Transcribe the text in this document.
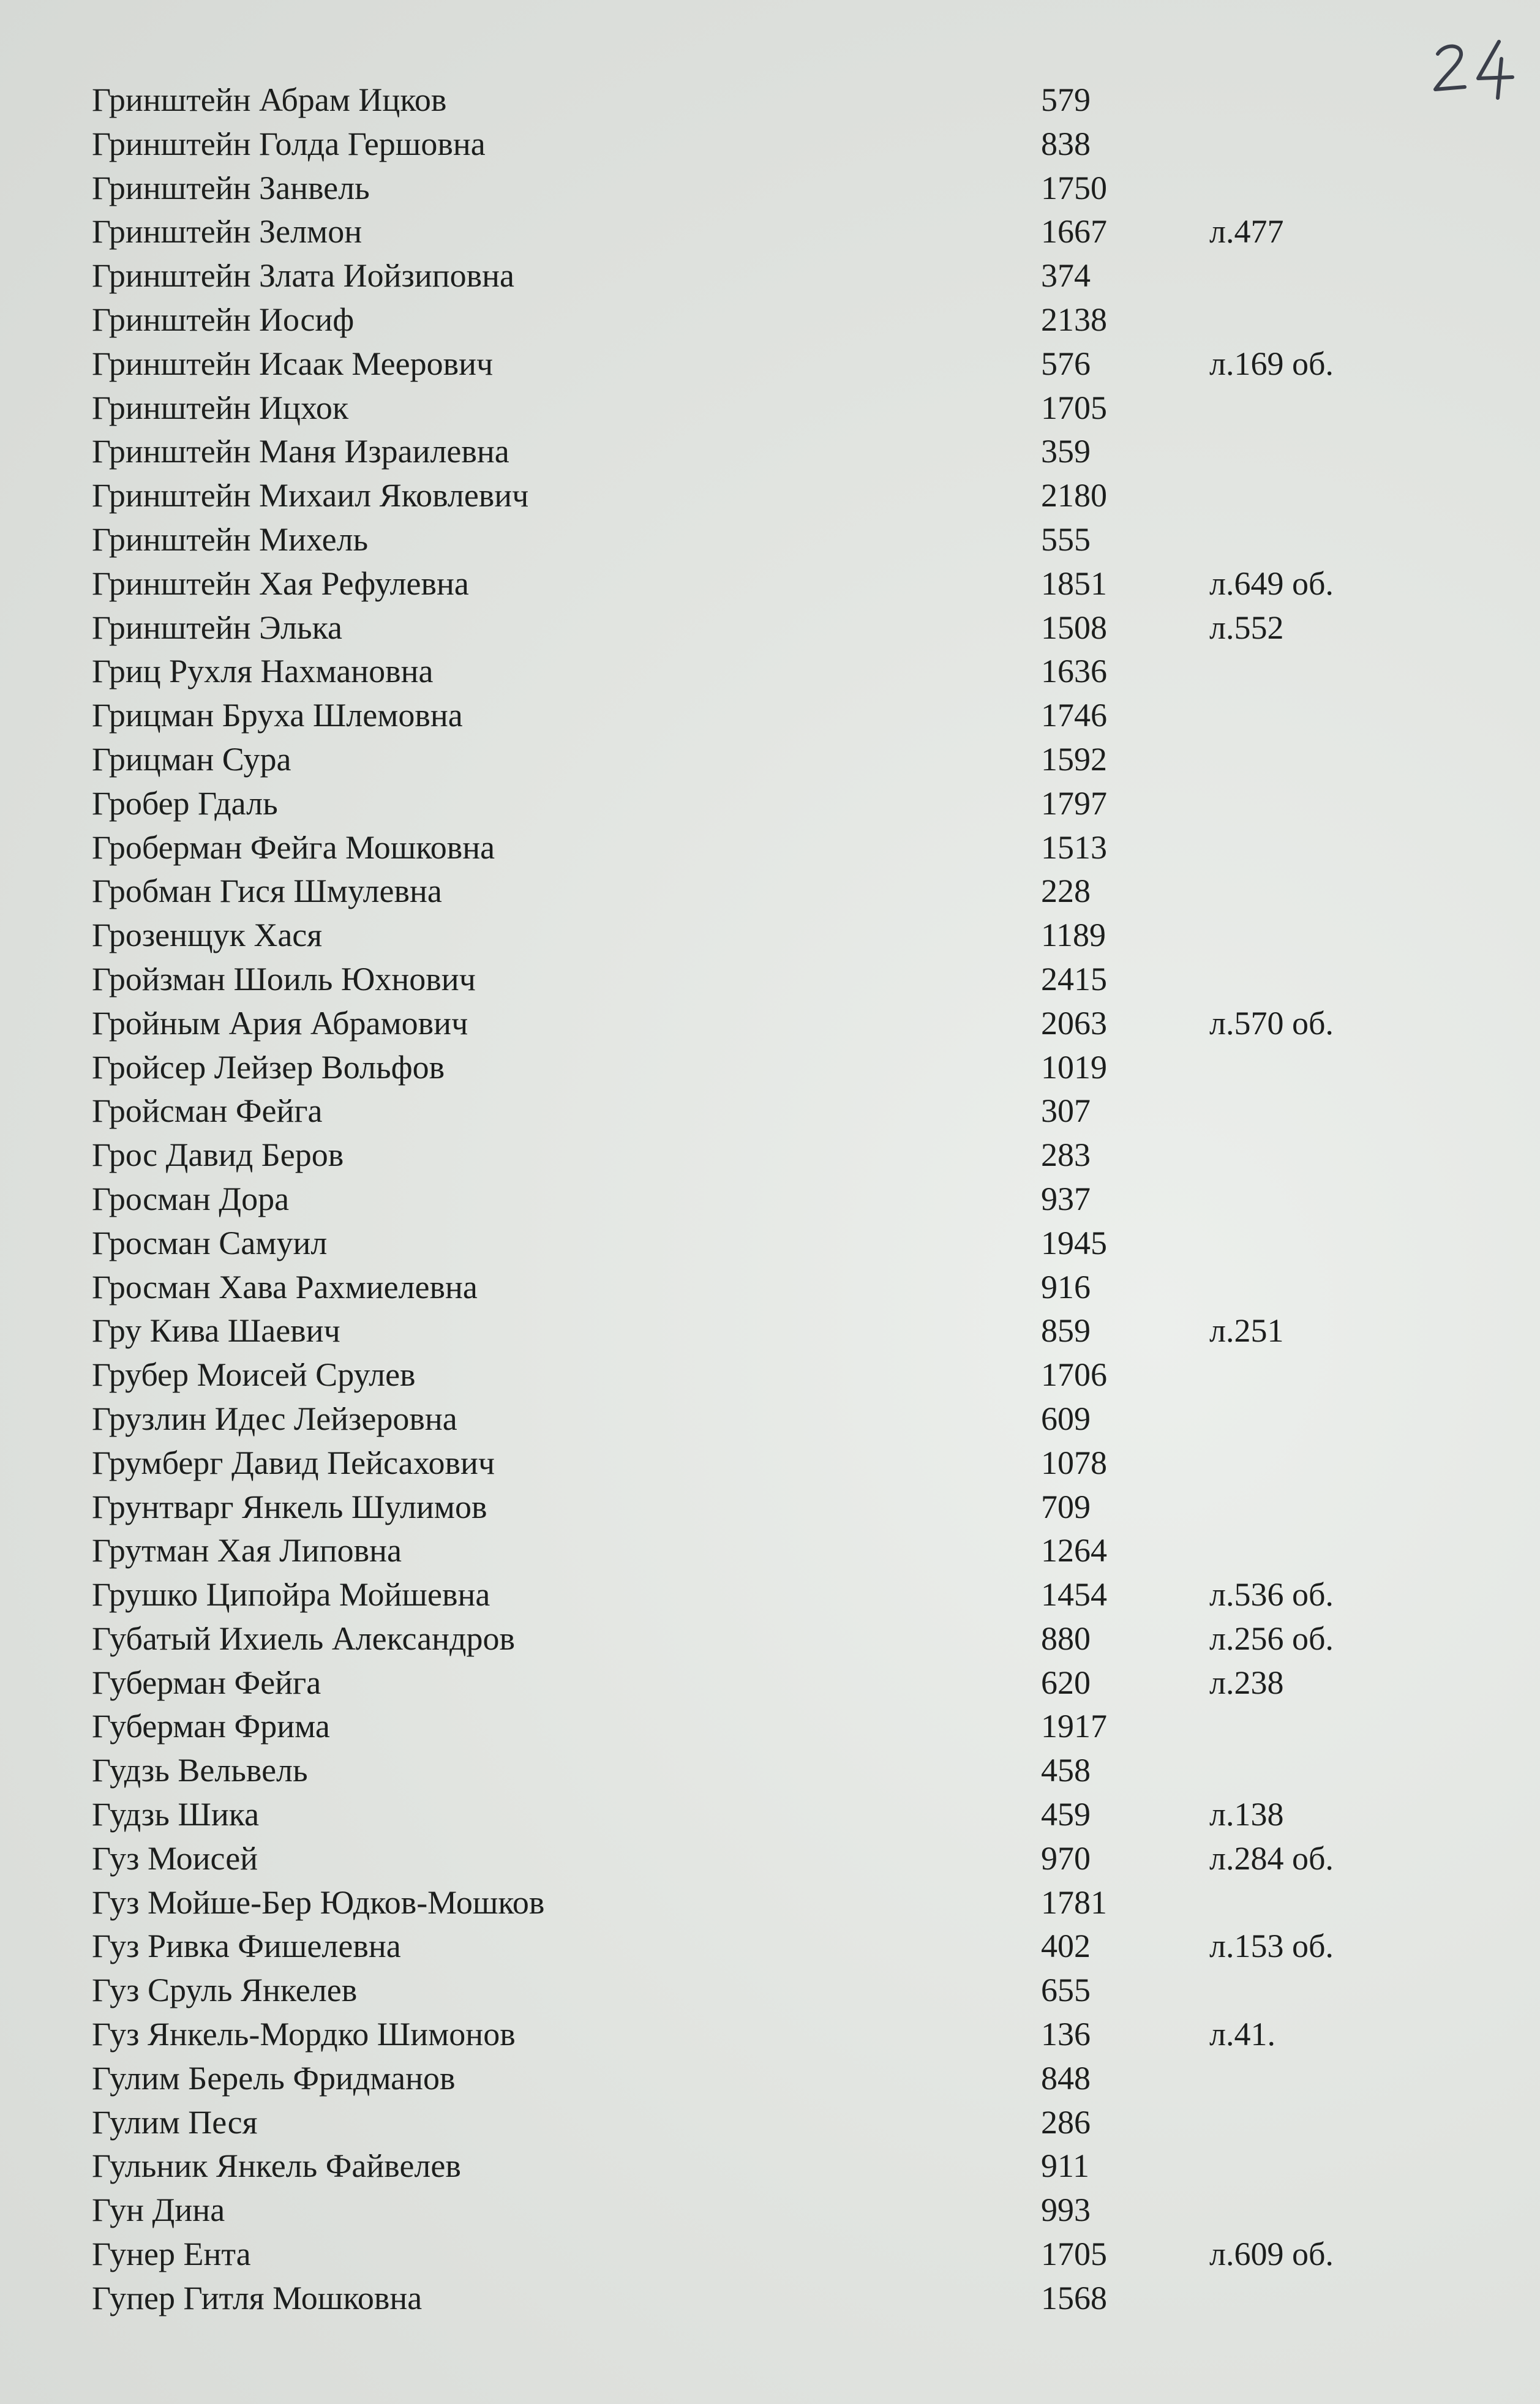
Гринштейн Абрам Ицков	579
Гринштейн Голда Гершовна	838
Гринштейн Занвель	1750
Гринштейн Зелмон	1667	л.477
Гринштейн Злата Иойзиповна	374
Гринштейн Иосиф	2138
Гринштейн Исаак Меерович	576	л.169 об.
Гринштейн Ицхок	1705
Гринштейн Маня Израилевна	359
Гринштейн Михаил Яковлевич	2180
Гринштейн Михель	555
Гринштейн Хая Рефулевна	1851	л.649 об.
Гринштейн Элька	1508	л.552
Гриц Рухля Нахмановна	1636
Грицман Бруха Шлемовна	1746
Грицман Сура	1592
Гробер Гдаль	1797
Гроберман Фейга Мошковна	1513
Гробман Гися Шмулевна	228
Грозенщук Хася	1189
Гройзман Шоиль Юхнович	2415
Гройным Ария Абрамович	2063	л.570 об.
Гройсер Лейзер Вольфов	1019
Гройсман Фейга	307
Грос Давид Беров	283
Гросман Дора	937
Гросман Самуил	1945
Гросман Хава Рахмиелевна	916
Гру Кива Шаевич	859	л.251
Грубер Моисей Срулев	1706
Грузлин Идес Лейзеровна	609
Грумберг Давид Пейсахович	1078
Грунтварг Янкель Шулимов	709
Грутман Хая Липовна	1264
Грушко Ципойра Мойшевна	1454	л.536 об.
Губатый Ихиель Александров	880	л.256 об.
Губерман Фейга	620	л.238
Губерман Фрима	1917
Гудзь Вельвель	458
Гудзь Шика	459	л.138
Гуз Моисей	970	л.284 об.
Гуз Мойше-Бер Юдков-Мошков	1781
Гуз Ривка Фишелевна	402	л.153 об.
Гуз Сруль Янкелев	655
Гуз Янкель-Мордко Шимонов	136	л.41.
Гулим Берель Фридманов	848
Гулим Песя	286
Гульник Янкель Файвелев	911
Гун Дина	993
Гунер Ента	1705	л.609 об.
Гупер Гитля Мошковна	1568
